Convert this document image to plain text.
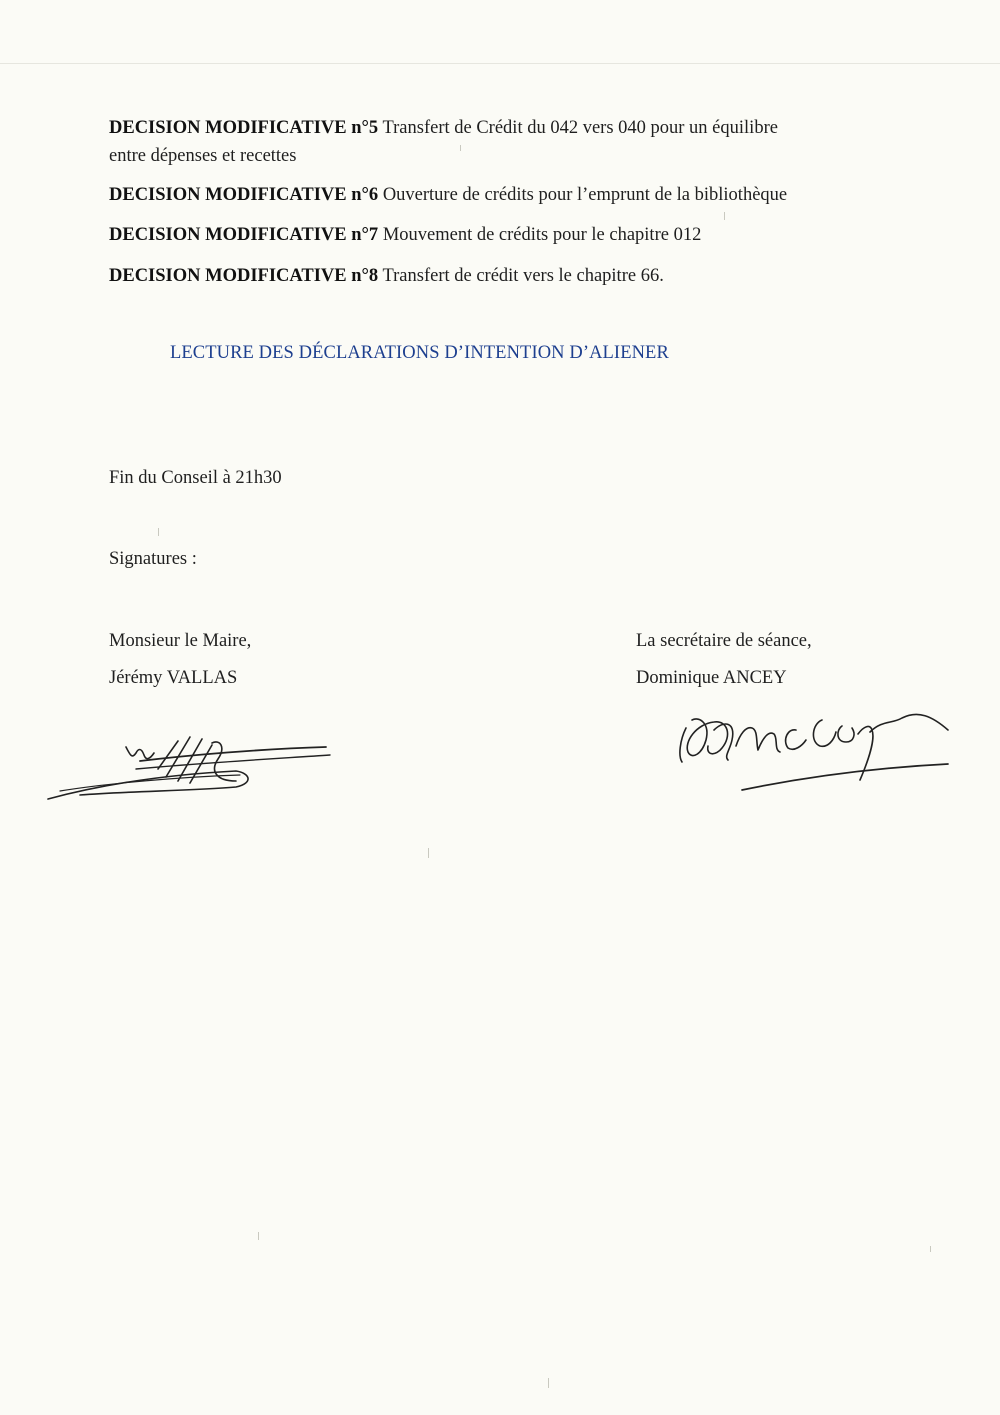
DECISION MODIFICATIVE n°5 Transfert de Crédit du 042 vers 040 pour un équilibre
entre dépenses et recettes

DECISION MODIFICATIVE n°6 Ouverture de crédits pour l’emprunt de la bibliothèque

DECISION MODIFICATIVE n°7 Mouvement de crédits pour le chapitre 012

DECISION MODIFICATIVE n°8 Transfert de crédit vers le chapitre 66.

LECTURE DES DÉCLARATIONS D’INTENTION D’ALIENER

Fin du Conseil à 21h30

Signatures :

Monsieur le Maire,

Jérémy VALLAS

La secrétaire de séance,

Dominique ANCEY
